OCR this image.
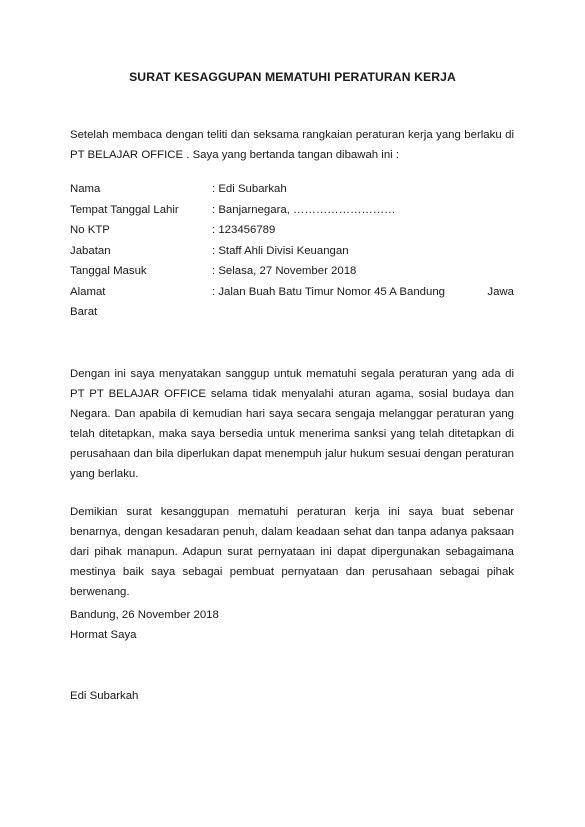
SURAT KESAGGUPAN MEMATUHI PERATURAN KERJA
Setelah membaca dengan teliti dan seksama rangkaian peraturan kerja yang berlaku di PT BELAJAR OFFICE . Saya yang bertanda tangan dibawah ini :
Nama	: Edi Subarkah
Tempat Tanggal Lahir	: Banjarnegara, ………………………
No KTP	: 123456789
Jabatan	: Staff Ahli Divisi Keuangan
Tanggal Masuk	: Selasa, 27 November 2018
Alamat	: Jalan Buah Batu Timur Nomor 45 A Bandung	Jawa
Barat
Dengan ini saya menyatakan sanggup untuk mematuhi segala peraturan yang ada di PT PT BELAJAR OFFICE selama tidak menyalahi aturan agama, sosial budaya dan Negara. Dan apabila di kemudian hari saya secara sengaja melanggar peraturan yang telah ditetapkan, maka saya bersedia untuk menerima sanksi yang telah ditetapkan di perusahaan dan bila diperlukan dapat menempuh jalur hukum sesuai dengan peraturan yang berlaku.
Demikian surat kesanggupan mematuhi peraturan kerja ini saya buat sebenar benarnya, dengan kesadaran penuh, dalam keadaan sehat dan tanpa adanya paksaan dari pihak manapun. Adapun surat pernyataan ini dapat dipergunakan sebagaimana mestinya baik saya sebagai pembuat pernyataan dan perusahaan sebagai pihak berwenang.
Bandung, 26 November 2018
Hormat Saya
Edi Subarkah
